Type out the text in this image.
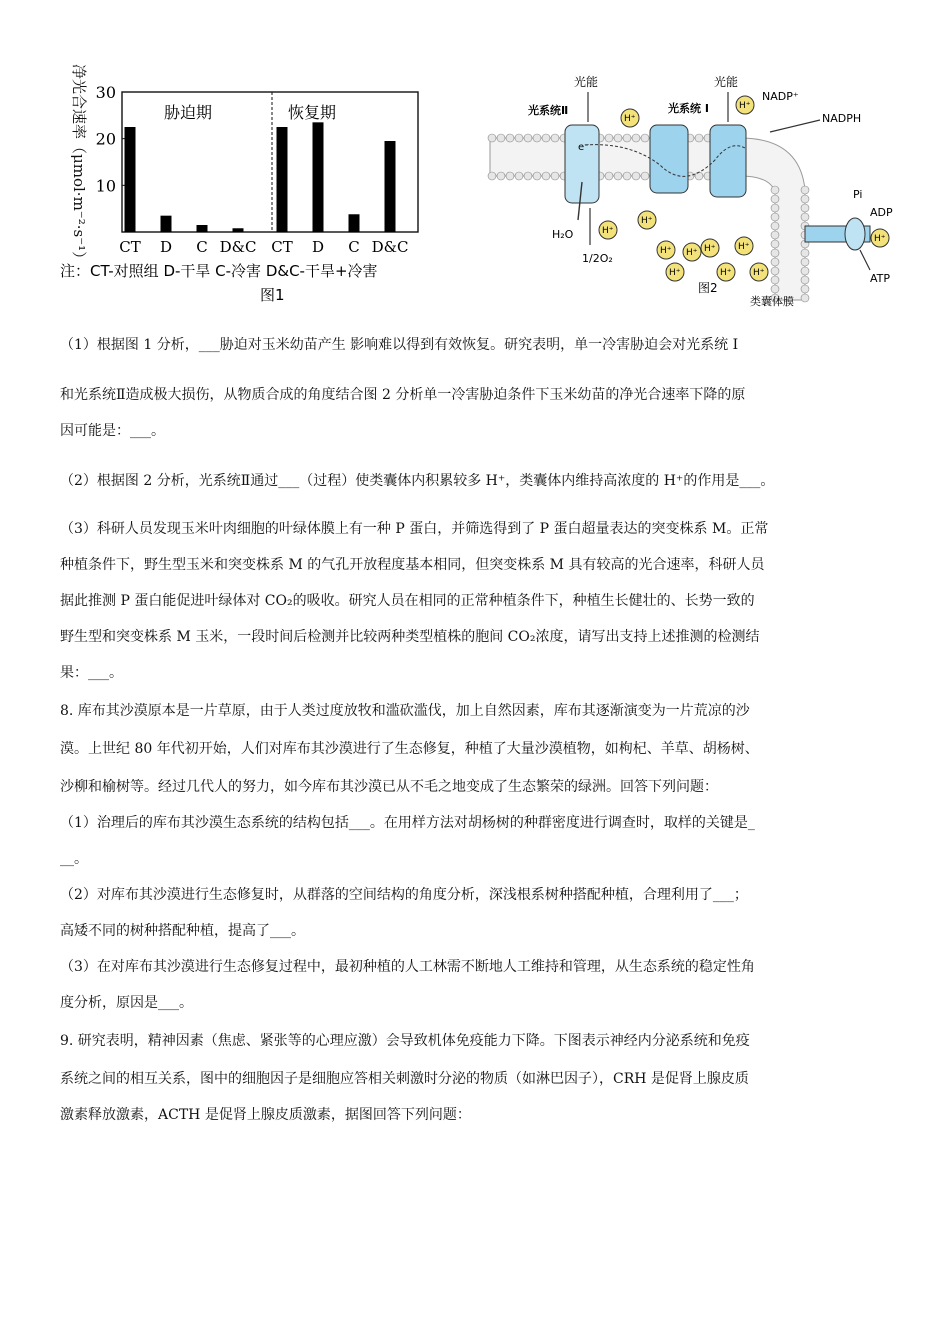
净光合速率（μmol·m⁻²·s⁻¹） 30
20
10
胁迫期	恢复期
CT D C D&C CT D C D&C
注：CT-对照组 D-干旱 C-冷害 D&C-干旱+冷害
图1
光能	光能
光系统Ⅱ	光系统 Ⅰ
NADP⁺
NADPH
e⁻
H₂O
1/2O₂
Pi
ADP
ATP
类囊体膜
图2
H⁺
H⁺
H⁺
H⁺
H⁺ H⁺ H⁺ H⁺
H⁺	H⁺ H⁺
H⁺
（1）根据图 1 分析，___胁迫对玉米幼苗产生 影响难以得到有效恢复。研究表明，单一冷害胁迫会对光系统 Ⅰ
和光系统Ⅱ造成极大损伤，从物质合成的角度结合图 2 分析单一冷害胁迫条件下玉米幼苗的净光合速率下降的原
因可能是：___。
（2）根据图 2 分析，光系统Ⅱ通过___（过程）使类囊体内积累较多 H⁺，类囊体内维持高浓度的 H⁺的作用是___。
（3）科研人员发现玉米叶肉细胞的叶绿体膜上有一种 P 蛋白，并筛选得到了 P 蛋白超量表达的突变株系 M。正常
种植条件下，野生型玉米和突变株系 M 的气孔开放程度基本相同，但突变株系 M 具有较高的光合速率，科研人员
据此推测 P 蛋白能促进叶绿体对 CO₂的吸收。研究人员在相同的正常种植条件下，种植生长健壮的、长势一致的
野生型和突变株系 M 玉米，一段时间后检测并比较两种类型植株的胞间 CO₂浓度，请写出支持上述推测的检测结
果：___。
8. 库布其沙漠原本是一片草原，由于人类过度放牧和滥砍滥伐，加上自然因素，库布其逐渐演变为一片荒凉的沙
漠。上世纪 80 年代初开始，人们对库布其沙漠进行了生态修复，种植了大量沙漠植物，如枸杞、羊草、胡杨树、
沙柳和榆树等。经过几代人的努力，如今库布其沙漠已从不毛之地变成了生态繁荣的绿洲。回答下列问题：
（1）治理后的库布其沙漠生态系统的结构包括___。在用样方法对胡杨树的种群密度进行调查时，取样的关键是_
__。
（2）对库布其沙漠进行生态修复时，从群落的空间结构的角度分析，深浅根系树种搭配种植，合理利用了___；
高矮不同的树种搭配种植，提高了___。
（3）在对库布其沙漠进行生态修复过程中，最初种植的人工林需不断地人工维持和管理，从生态系统的稳定性角
度分析，原因是___。
9. 研究表明，精神因素（焦虑、紧张等的心理应激）会导致机体免疫能力下降。下图表示神经内分泌系统和免疫
系统之间的相互关系，图中的细胞因子是细胞应答相关刺激时分泌的物质（如淋巴因子），CRH 是促肾上腺皮质
激素释放激素，ACTH 是促肾上腺皮质激素，据图回答下列问题：
